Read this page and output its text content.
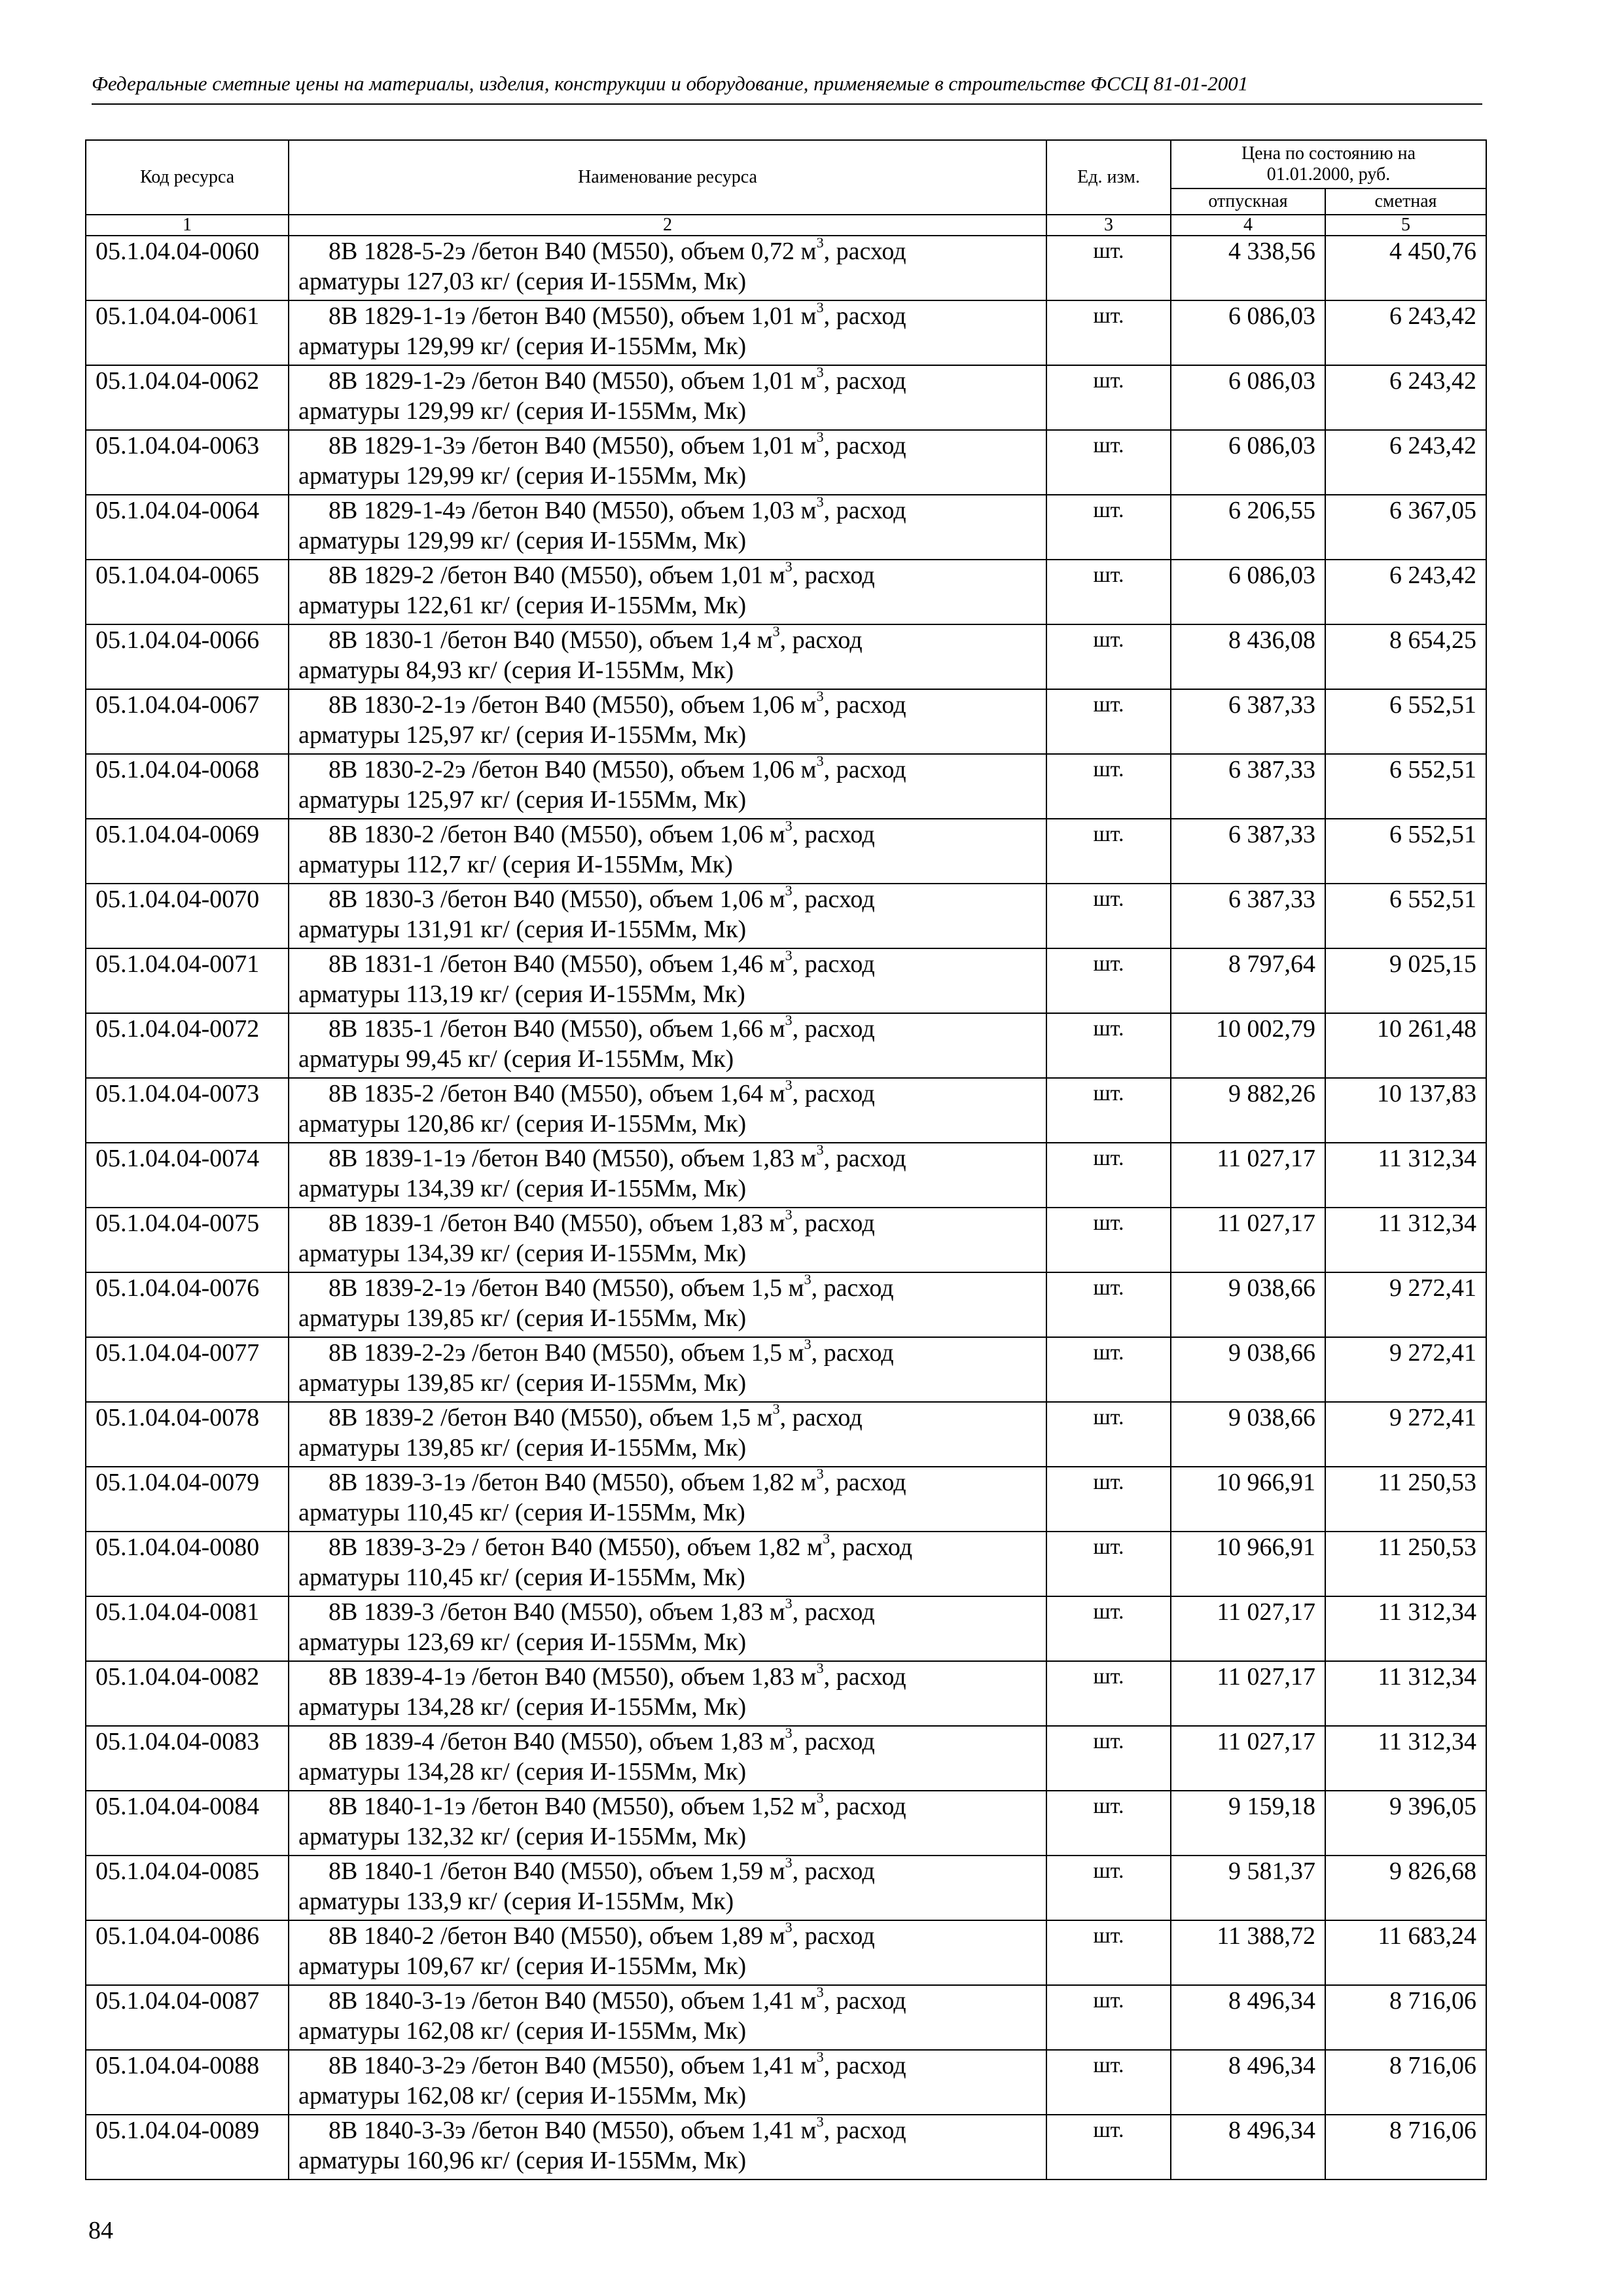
Федеральные сметные цены на материалы, изделия, конструкции и оборудование, применяемые в строительстве ФССЦ 81-01-2001
Код ресурса	Наименование ресурса	Ед. изм.	Цена по состоянию на 01.01.2000, руб.	
			отпускная	сметная
1	2	3	4	5
05.1.04.04-0060	8В 1828-5-2э /бетон В40 (М550), объем 0,72 $м^3$, расход
арматуры 127,03 кг/ (серия И-155Мм, Мк)	шт.	4 338,56	4 450,76
05.1.04.04-0061	8В 1829-1-1э /бетон В40 (М550), объем 1,01 $м^3$, расход
арматуры 129,99 кг/ (серия И-155Мм, Мк)	шт.	6 086,03	6 243,42
05.1.04.04-0062	8В 1829-1-2э /бетон В40 (М550), объем 1,01 $м^3$, расход
арматуры 129,99 кг/ (серия И-155Мм, Мк)	шт.	6 086,03	6 243,42
05.1.04.04-0063	8В 1829-1-3э /бетон В40 (М550), объем 1,01 $м^3$, расход
арматуры 129,99 кг/ (серия И-155Мм, Мк)	шт.	6 086,03	6 243,42
05.1.04.04-0064	8В 1829-1-4э /бетон В40 (М550), объем 1,03 $м^3$, расход
арматуры 129,99 кг/ (серия И-155Мм, Мк)	шт.	6 206,55	6 367,05
05.1.04.04-0065	8В 1829-2 /бетон В40 (М550), объем 1,01 $м^3$, расход
арматуры 122,61 кг/ (серия И-155Мм, Мк)	шт.	6 086,03	6 243,42
05.1.04.04-0066	8В 1830-1 /бетон В40 (М550), объем 1,4 $м^3$, расход
арматуры 84,93 кг/ (серия И-155Мм, Мк)	шт.	8 436,08	8 654,25
05.1.04.04-0067	8В 1830-2-1э /бетон В40 (М550), объем 1,06 $м^3$, расход
арматуры 125,97 кг/ (серия И-155Мм, Мк)	шт.	6 387,33	6 552,51
05.1.04.04-0068	8В 1830-2-2э /бетон В40 (М550), объем 1,06 $м^3$, расход
арматуры 125,97 кг/ (серия И-155Мм, Мк)	шт.	6 387,33	6 552,51
05.1.04.04-0069	8В 1830-2 /бетон В40 (М550), объем 1,06 $м^3$, расход
арматуры 112,7 кг/ (серия И-155Мм, Мк)	шт.	6 387,33	6 552,51
05.1.04.04-0070	8В 1830-3 /бетон В40 (М550), объем 1,06 $м^3$, расход
арматуры 131,91 кг/ (серия И-155Мм, Мк)	шт.	6 387,33	6 552,51
05.1.04.04-0071	8В 1831-1 /бетон В40 (М550), объем 1,46 $м^3$, расход
арматуры 113,19 кг/ (серия И-155Мм, Мк)	шт.	8 797,64	9 025,15
05.1.04.04-0072	8В 1835-1 /бетон В40 (М550), объем 1,66 $м^3$, расход
арматуры 99,45 кг/ (серия И-155Мм, Мк)	шт.	10 002,79	10 261,48
05.1.04.04-0073	8В 1835-2 /бетон В40 (М550), объем 1,64 $м^3$, расход
арматуры 120,86 кг/ (серия И-155Мм, Мк)	шт.	9 882,26	10 137,83
05.1.04.04-0074	8В 1839-1-1э /бетон В40 (М550), объем 1,83 $м^3$, расход
арматуры 134,39 кг/ (серия И-155Мм, Мк)	шт.	11 027,17	11 312,34
05.1.04.04-0075	8В 1839-1 /бетон В40 (М550), объем 1,83 $м^3$, расход
арматуры 134,39 кг/ (серия И-155Мм, Мк)	шт.	11 027,17	11 312,34
05.1.04.04-0076	8В 1839-2-1э /бетон В40 (М550), объем 1,5 $м^3$, расход
арматуры 139,85 кг/ (серия И-155Мм, Мк)	шт.	9 038,66	9 272,41
05.1.04.04-0077	8В 1839-2-2э /бетон В40 (М550), объем 1,5 $м^3$, расход
арматуры 139,85 кг/ (серия И-155Мм, Мк)	шт.	9 038,66	9 272,41
05.1.04.04-0078	8В 1839-2 /бетон В40 (М550), объем 1,5 $м^3$, расход
арматуры 139,85 кг/ (серия И-155Мм, Мк)	шт.	9 038,66	9 272,41
05.1.04.04-0079	8В 1839-3-1э /бетон В40 (М550), объем 1,82 $м^3$, расход
арматуры 110,45 кг/ (серия И-155Мм, Мк)	шт.	10 966,91	11 250,53
05.1.04.04-0080	8В 1839-3-2э / бетон В40 (М550), объем 1,82 $м^3$, расход
арматуры 110,45 кг/ (серия И-155Мм, Мк)	шт.	10 966,91	11 250,53
05.1.04.04-0081	8В 1839-3 /бетон В40 (М550), объем 1,83 $м^3$, расход
арматуры 123,69 кг/ (серия И-155Мм, Мк)	шт.	11 027,17	11 312,34
05.1.04.04-0082	8В 1839-4-1э /бетон В40 (М550), объем 1,83 $м^3$, расход
арматуры 134,28 кг/ (серия И-155Мм, Мк)	шт.	11 027,17	11 312,34
05.1.04.04-0083	8В 1839-4 /бетон В40 (М550), объем 1,83 $м^3$, расход
арматуры 134,28 кг/ (серия И-155Мм, Мк)	шт.	11 027,17	11 312,34
05.1.04.04-0084	8В 1840-1-1э /бетон В40 (М550), объем 1,52 $м^3$, расход
арматуры 132,32 кг/ (серия И-155Мм, Мк)	шт.	9 159,18	9 396,05
05.1.04.04-0085	8В 1840-1 /бетон В40 (М550), объем 1,59 $м^3$, расход
арматуры 133,9 кг/ (серия И-155Мм, Мк)	шт.	9 581,37	9 826,68
05.1.04.04-0086	8В 1840-2 /бетон В40 (М550), объем 1,89 $м^3$, расход
арматуры 109,67 кг/ (серия И-155Мм, Мк)	шт.	11 388,72	11 683,24
05.1.04.04-0087	8В 1840-3-1э /бетон В40 (М550), объем 1,41 $м^3$, расход
арматуры 162,08 кг/ (серия И-155Мм, Мк)	шт.	8 496,34	8 716,06
05.1.04.04-0088	8В 1840-3-2э /бетон В40 (М550), объем 1,41 $м^3$, расход
арматуры 162,08 кг/ (серия И-155Мм, Мк)	шт.	8 496,34	8 716,06
05.1.04.04-0089	8В 1840-3-3э /бетон В40 (М550), объем 1,41 $м^3$, расход
арматуры 160,96 кг/ (серия И-155Мм, Мк)	шт.	8 496,34	8 716,06
84
